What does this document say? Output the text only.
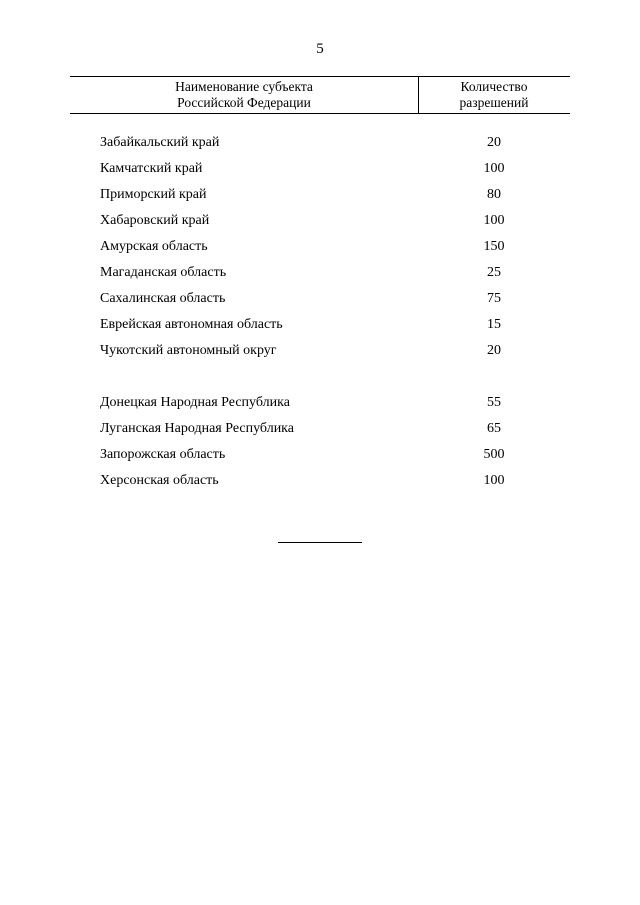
5
Наименование субъекта
Российской Федерации
Количество
разрешений
Забайкальский край	20
Камчатский край	100
Приморский край	80
Хабаровский край	100
Амурская область	150
Магаданская область	25
Сахалинская область	75
Еврейская автономная область	15
Чукотский автономный округ	20
Донецкая Народная Республика	55
Луганская Народная Республика	65
Запорожская область	500
Херсонская область	100
